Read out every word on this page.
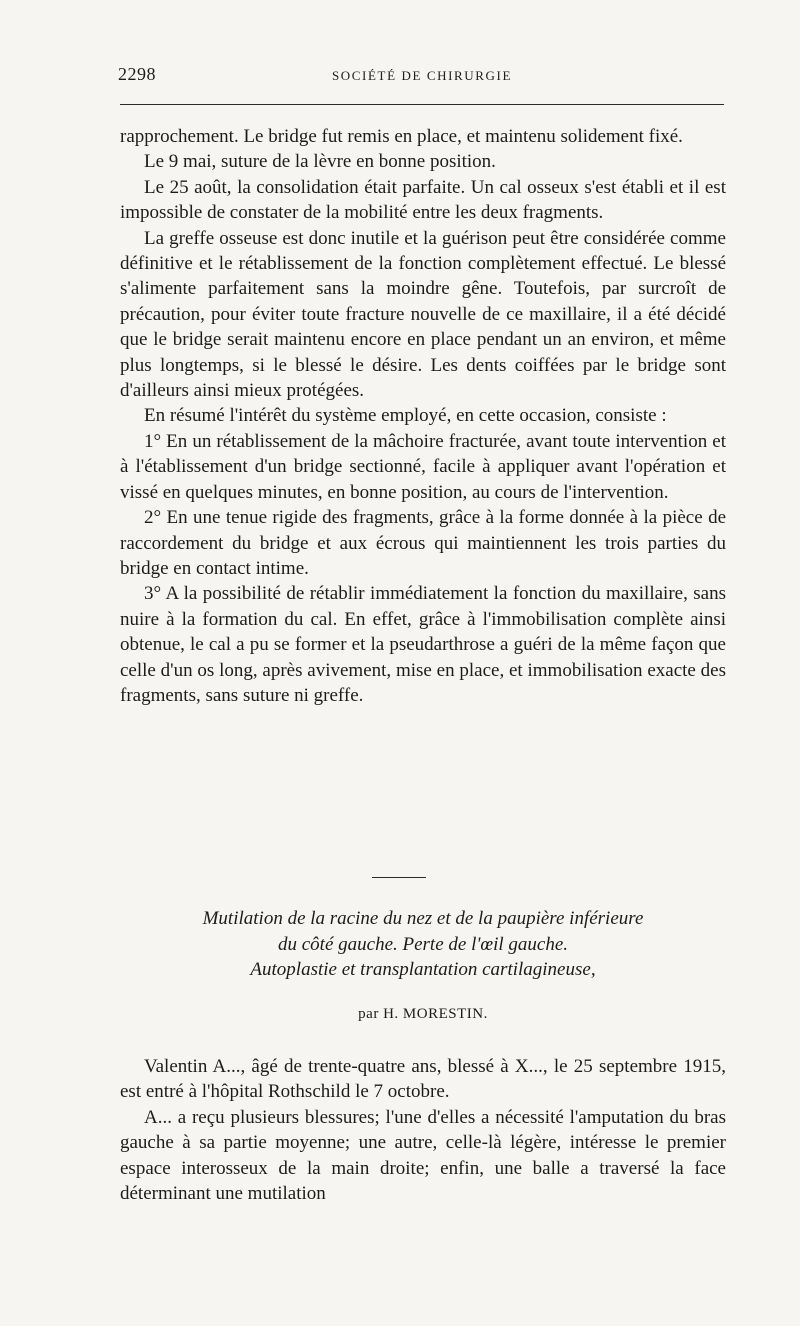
2298	SOCIÉTÉ DE CHIRURGIE

rapprochement. Le bridge fut remis en place, et maintenu solidement fixé.

Le 9 mai, suture de la lèvre en bonne position.

Le 25 août, la consolidation était parfaite. Un cal osseux s'est établi et il est impossible de constater de la mobilité entre les deux fragments.

La greffe osseuse est donc inutile et la guérison peut être considérée comme définitive et le rétablissement de la fonction complètement effectué. Le blessé s'alimente parfaitement sans la moindre gêne. Toutefois, par surcroît de précaution, pour éviter toute fracture nouvelle de ce maxillaire, il a été décidé que le bridge serait maintenu encore en place pendant un an environ, et même plus longtemps, si le blessé le désire. Les dents coiffées par le bridge sont d'ailleurs ainsi mieux protégées.

En résumé l'intérêt du système employé, en cette occasion, consiste :

1° En un rétablissement de la mâchoire fracturée, avant toute intervention et à l'établissement d'un bridge sectionné, facile à appliquer avant l'opération et vissé en quelques minutes, en bonne position, au cours de l'intervention.

2° En une tenue rigide des fragments, grâce à la forme donnée à la pièce de raccordement du bridge et aux écrous qui maintiennent les trois parties du bridge en contact intime.

3° A la possibilité de rétablir immédiatement la fonction du maxillaire, sans nuire à la formation du cal. En effet, grâce à l'immobilisation complète ainsi obtenue, le cal a pu se former et la pseudarthrose a guéri de la même façon que celle d'un os long, après avivement, mise en place, et immobilisation exacte des fragments, sans suture ni greffe.

Mutilation de la racine du nez et de la paupière inférieure
du côté gauche. Perte de l'œil gauche.
Autoplastie et transplantation cartilagineuse,
par H. MORESTIN.

Valentin A..., âgé de trente-quatre ans, blessé à X..., le 25 septembre 1915, est entré à l'hôpital Rothschild le 7 octobre.

A... a reçu plusieurs blessures; l'une d'elles a nécessité l'amputation du bras gauche à sa partie moyenne; une autre, celle-là légère, intéresse le premier espace interosseux de la main droite; enfin, une balle a traversé la face déterminant une mutilation
